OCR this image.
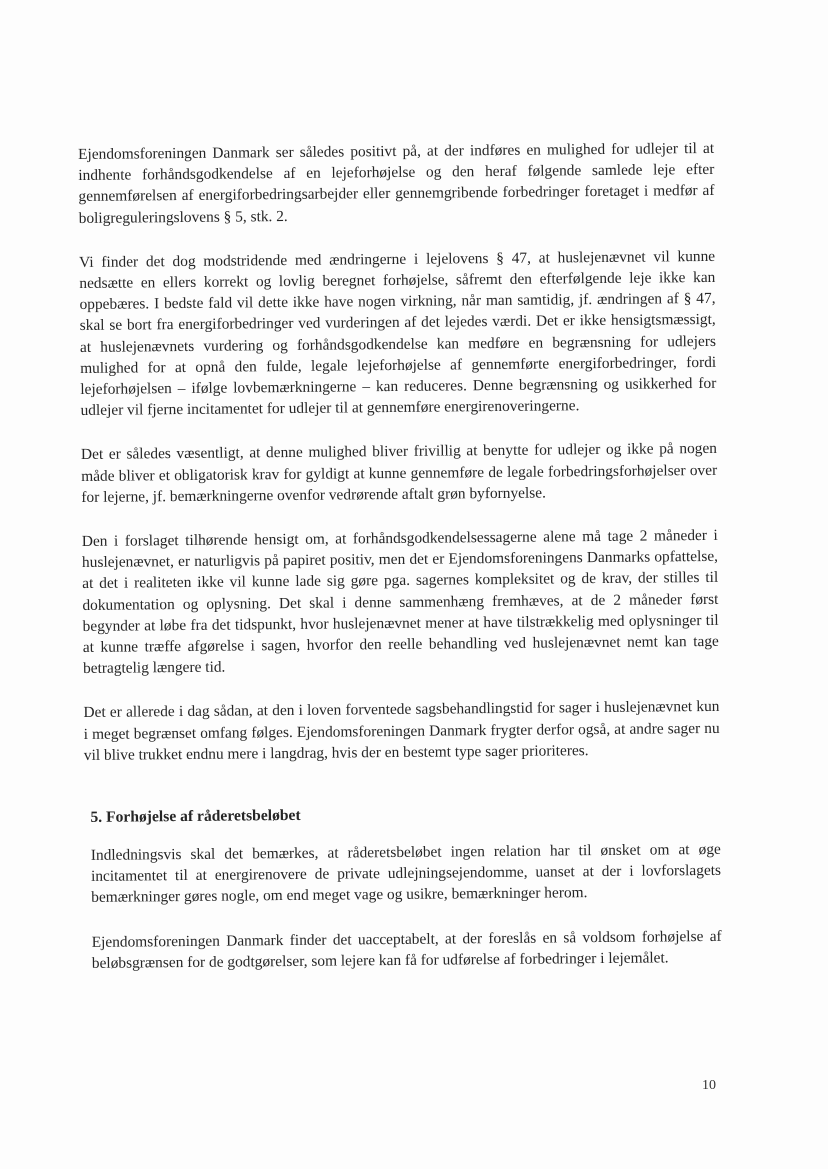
Ejendomsforeningen Danmark ser således positivt på, at der indføres en mulighed for udlejer til at indhente forhåndsgodkendelse af en lejeforhøjelse og den heraf følgende samlede leje efter gennemførelsen af energiforbedringsarbejder eller gennemgribende forbedringer foretaget i medfør af boligreguleringslovens § 5, stk. 2.

Vi finder det dog modstridende med ændringerne i lejelovens § 47, at huslejenævnet vil kunne nedsætte en ellers korrekt og lovlig beregnet forhøjelse, såfremt den efterfølgende leje ikke kan oppebæres. I bedste fald vil dette ikke have nogen virkning, når man samtidig, jf. ændringen af § 47, skal se bort fra energiforbedringer ved vurderingen af det lejedes værdi. Det er ikke hensigtsmæssigt, at huslejenævnets vurdering og forhåndsgodkendelse kan medføre en begrænsning for udlejers mulighed for at opnå den fulde, legale lejeforhøjelse af gennemførte energiforbedringer, fordi lejeforhøjelsen – ifølge lovbemærkningerne – kan reduceres. Denne begrænsning og usikkerhed for udlejer vil fjerne incitamentet for udlejer til at gennemføre energirenoveringerne.

Det er således væsentligt, at denne mulighed bliver frivillig at benytte for udlejer og ikke på nogen måde bliver et obligatorisk krav for gyldigt at kunne gennemføre de legale forbedringsforhøjelser over for lejerne, jf. bemærkningerne ovenfor vedrørende aftalt grøn byfornyelse.

Den i forslaget tilhørende hensigt om, at forhåndsgodkendelsessagerne alene må tage 2 måneder i huslejenævnet, er naturligvis på papiret positiv, men det er Ejendomsforeningens Danmarks opfattelse, at det i realiteten ikke vil kunne lade sig gøre pga. sagernes kompleksitet og de krav, der stilles til dokumentation og oplysning. Det skal i denne sammenhæng fremhæves, at de 2 måneder først begynder at løbe fra det tidspunkt, hvor huslejenævnet mener at have tilstrækkelig med oplysninger til at kunne træffe afgørelse i sagen, hvorfor den reelle behandling ved huslejenævnet nemt kan tage betragtelig længere tid.

Det er allerede i dag sådan, at den i loven forventede sagsbehandlingstid for sager i huslejenævnet kun i meget begrænset omfang følges. Ejendomsforeningen Danmark frygter derfor også, at andre sager nu vil blive trukket endnu mere i langdrag, hvis der en bestemt type sager prioriteres.

5. Forhøjelse af råderetsbeløbet

Indledningsvis skal det bemærkes, at råderetsbeløbet ingen relation har til ønsket om at øge incitamentet til at energirenovere de private udlejningsejendomme, uanset at der i lovforslagets bemærkninger gøres nogle, om end meget vage og usikre, bemærkninger herom.

Ejendomsforeningen Danmark finder det uacceptabelt, at der foreslås en så voldsom forhøjelse af beløbsgrænsen for de godtgørelser, som lejere kan få for udførelse af forbedringer i lejemålet.

10
